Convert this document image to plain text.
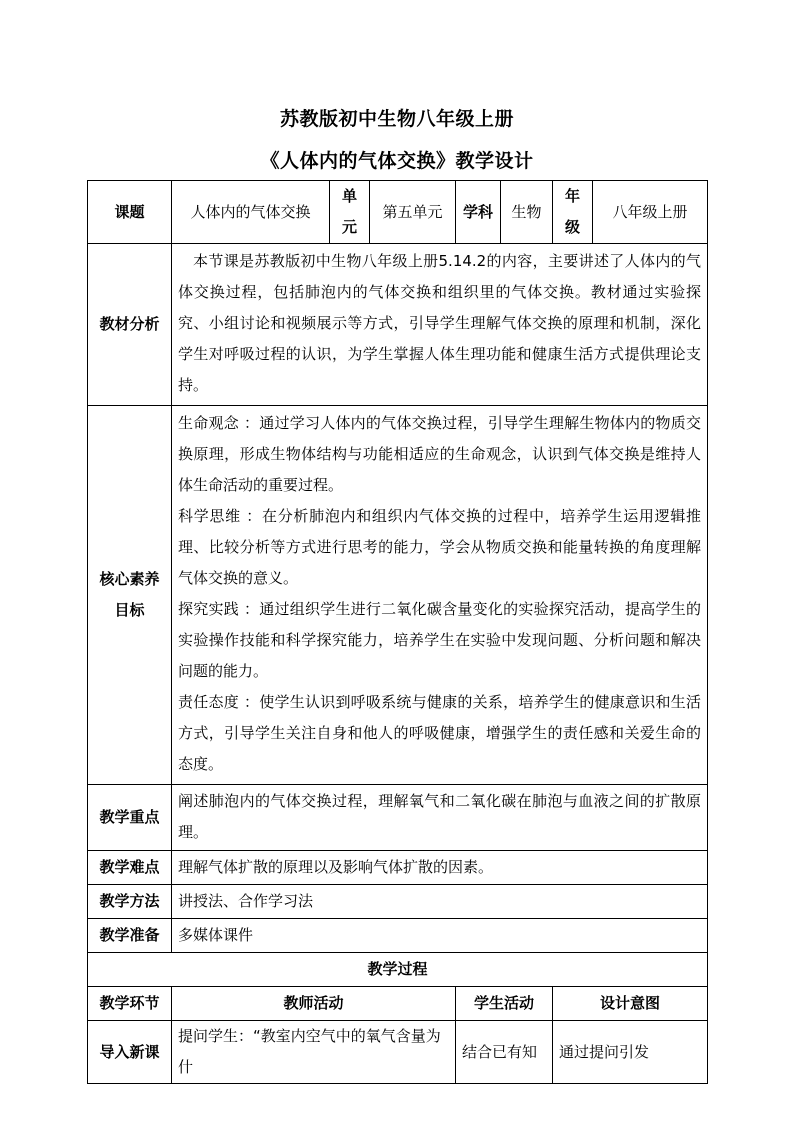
苏教版初中生物八年级上册
《人体内的气体交换》教学设计
课题	人体内的气体交换	单元	第五单元	学科	生物	年级	八年级上册
教材分析	本节课是苏教版初中生物八年级上册5.14.2的内容，主要讲述了人体内的气体交换过程，包括肺泡内的气体交换和组织里的气体交换。教材通过实验探究、小组讨论和视频展示等方式，引导学生理解气体交换的原理和机制，深化学生对呼吸过程的认识，为学生掌握人体生理功能和健康生活方式提供理论支持。						

核心素养
目标	生命观念 ：通过学习人体内的气体交换过程，引导学生理解生物体内的物质交换原理，形成生物体结构与功能相适应的生命观念，认识到气体交换是维持人体生命活动的重要过程。
科学思维 ：在分析肺泡内和组织内气体交换的过程中，培养学生运用逻辑推理、比较分析等方式进行思考的能力，学会从物质交换和能量转换的角度理解气体交换的意义。
探究实践 ：通过组织学生进行二氧化碳含量变化的实验探究活动，提高学生的实验操作技能和科学探究能力，培养学生在实验中发现问题、分析问题和解决问题的能力。
责任态度 ：使学生认识到呼吸系统与健康的关系，培养学生的健康意识和生活方式，引导学生关注自身和他人的呼吸健康，增强学生的责任感和关爱生命的态度。						

教学重点	阐述肺泡内的气体交换过程，理解氧气和二氧化碳在肺泡与血液之间的扩散原理。						

教学难点	理解气体扩散的原理以及影响气体扩散的因素。						
教学方法	讲授法、合作学习法						
教学准备	多媒体课件						
教学过程							
教学环节	教师活动			学生活动		设计意图	
导入新课	提问学生：“教室内空气中的氧气含量为什			结合已有知		通过提问引发	
